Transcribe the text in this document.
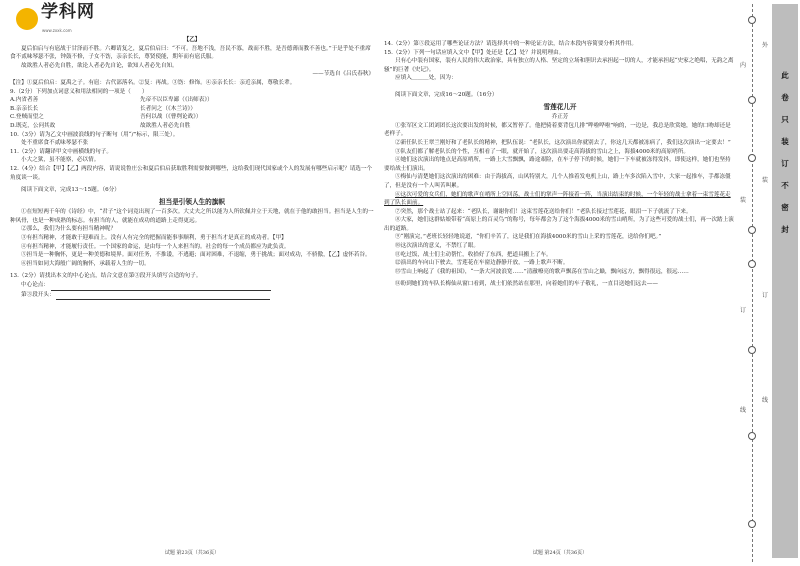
学科网
www.zxxk.com

【乙】

夏后伯启与有扈战于甘泽而不胜。六卿请复之，夏后伯启曰：“不可。吾地不浅，吾民不寡，战而不胜，是吾德薄而教不善也。”于是乎处不重席食不贰味琴瑟不张，钟鼓不修，子女不饬，亲亲长长，尊贤使能，期年而有扈氏服。

故欲胜人者必先自胜，欲论人者必先自论，欲知人者必先自知。

——节选自《吕氏春秋》

【注】①夏后伯启：夏禹之子。有扈：古代部落名。②复：再战。③饬：修饰。④亲亲长长：亲近亲属，尊敬长辈。

9.（2分）下列加点词意义和用法相同的一项是（　　）

A.内省者善	先帝不以臣卑鄙（《出师表》）
B.亲亲长长	长者问之（《木兰诗》）
C.登贼而望之	吾何以战（《曹刿论战》）
D.既克，公问其故	故欲胜人者必先自胜

10.（3分）请为乙文中画波浪线的句子断句（用“/”标示，限三处）。

处不重席食不贰味琴瑟不张

11.（2分）请翻译甲文中画横线的句子。

小大之狱，虽不能察，必以情。

12.（4分）结合【甲】【乙】两段内容，请说说鲁庄公和夏后伯启获取胜利需要做到哪些，这给我们现代国家或个人的发展有哪些启示呢？请选一个角度谈一谈。

阅读下面文章，完成13～15题。（6分）

担当是引领人生的旗帜

①在短短两千年的《诗经》中，“君子”这个词竟出现了一百多次。大丈夫之所以能为人所钦佩并立于天地，就在于他的敢担当。担当是人生的一种风骨，也是一种成熟的标志。有担当的人，就能在成功的道路上走得更远。

②那么，我们为什么要有担当精神呢？

③有担当精神，才能敢于迎难而上。没有人有完全的把握而能事事顺利，勇于担当才是真正的成功者。【甲】

④有担当精神，才能履行责任。一个国家的命运，是由每一个人来担当的。社会的每一个成员都应为此负责。

⑤担当是一种胸怀，更是一种美德和境界。面对任务，不推诿，不逃避；面对困难，不退缩，勇于挑战；面对成功，不骄傲，【乙】虚怀若谷。

⑥担当如同大海般广阔的胸怀，承载着人生的一切。

13.（2分）请找出本文的中心论点，结合文意在第③段开头填写合适的句子。

中心论点：

第③段开头：

试题 第23页（共36页）

14.（2分）第⑤段运用了哪些论证方法？请选择其中的一种论证方法，结合本段内容简要分析其作用。

15.（2分）下列一句话应填入文中【甲】处还是【乙】处？并说明理由。

只有心中装有国家，装有人民的伟大政治家，具有独立的人格、坚定的立场和胆识去承担起一切的人，才能承担起“史家之绝唱，无韵之离骚”的巨著《史记》。

应填入＿＿＿处，因为：

阅读下面文章，完成16～20题。（16分）

雪莲花儿开

乔正芳

①张军区文工团刘团长这次要出发的时候，都又暂停了。他把骑着要背包几排“哗啦哗啦”响的，一边是，我总是欣赏她，她的口吻却还是老样子。

②新任队长王翠兰刚好和了老队长的精神，把队伍说：“老队长，这次演出你就别去了，你这几天都被冻病了，我们这次演出一定要去！”

③队友们都了解老队长的个性，互相看了一眼，就开始了，这次演出要走高海拔的雪山之上，海拔4000米的高原哨所。

④她们这次演出的地点是高原哨所，一路上大雪飘飘，路途艰险，在车子停下的时候，她们一下车就被冻得发抖，即使这样，她们也坚持要给战士们演出。

⑤梅仙与清楚她们这次演出的困难：由于海拔高，山风特别大，几个人推着发电机上山，路上车多次陷入雪中，大家一起推车，手都冻僵了，但是没有一个人叫苦叫累。

⑥这次可爱的女兵们，她们的歌声在哨所上空回荡，战士们的掌声一阵接着一阵，当演出结束的时候，一个年轻的战士拿着一束雪莲花走到了队长面前。

⑦突然，那个战士站了起来：“老队长，谢谢你们！这束雪莲花送给你们！”老队长接过雪莲花，眼泪一下子就流了下来。

⑧大家，她们这群姑娘带着“高原上的百灵鸟”的称号，每年都会为了这个海拔4000米的雪山哨所，为了这些可爱的战士们，再一次踏上演出的道路。

⑨“刚演完，”老班长轻轻地说道，“你们辛苦了，这是我们在海拔4000米的雪山上采的雪莲花，送给你们吧。”

⑩这次演出的意义，不禁红了眼。

⑪吃过饭，战士们主动帮忙，收拾好了东西，把道具搬上了车。

⑫演出的车向山下驶去，雪莲花在车窗边静静开放，一路上歌声不断。

⑬雪山上响起了《我的祖国》，“一条大河波浪宽……”清澈嘹亮的歌声飘荡在雪山之巅，飘向远方，飘得很远，很远……

⑭盼到她们的车队长梅仙从窗口看到，战士们依然站在那里，向着她们的车子敬礼，一直目送她们远去——

试题 第24页（共36页）
内
装
订
线
外
装
订
线
此
卷
只
装
订
不
密
封
